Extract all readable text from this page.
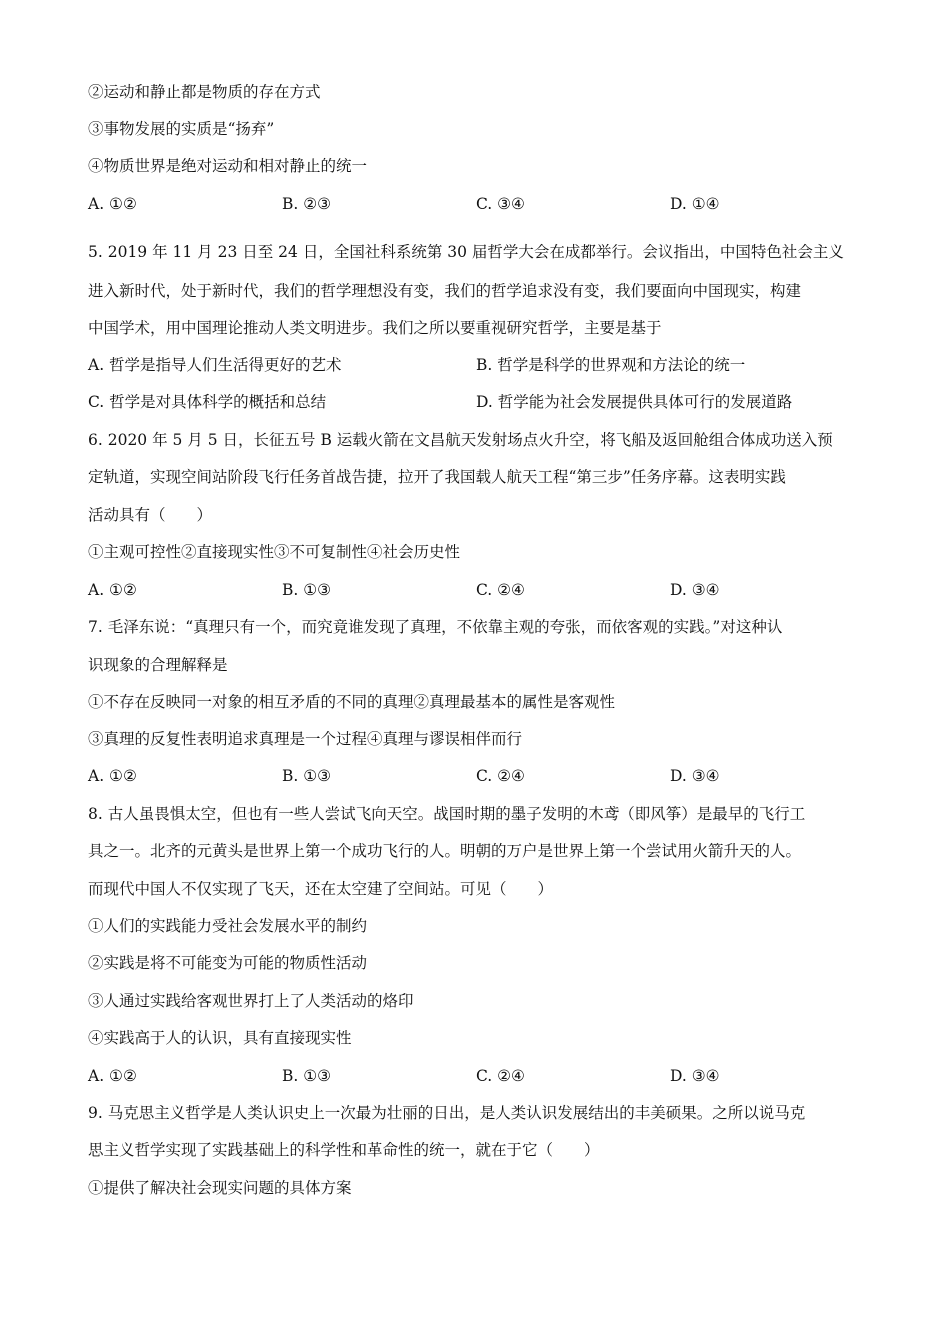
②运动和静止都是物质的存在方式
③事物发展的实质是“扬弃”
④物质世界是绝对运动和相对静止的统一
A. ①②	B. ②③	C. ③④	D. ①④
5. 2019 年 11 月 23 日至 24 日，全国社科系统第 30 届哲学大会在成都举行。会议指出，中国特色社会主义
进入新时代，处于新时代，我们的哲学理想没有变，我们的哲学追求没有变，我们要面向中国现实，构建
中国学术，用中国理论推动人类文明进步。我们之所以要重视研究哲学，主要是基于
A. 哲学是指导人们生活得更好的艺术	B. 哲学是科学的世界观和方法论的统一
C. 哲学是对具体科学的概括和总结	D. 哲学能为社会发展提供具体可行的发展道路
6. 2020 年 5 月 5 日，长征五号 B 运载火箭在文昌航天发射场点火升空，将飞船及返回舱组合体成功送入预
定轨道，实现空间站阶段飞行任务首战告捷，拉开了我国载人航天工程“第三步”任务序幕。这表明实践
活动具有（　　）
①主观可控性②直接现实性③不可复制性④社会历史性
A. ①②	B. ①③	C. ②④	D. ③④
7. 毛泽东说：“真理只有一个，而究竟谁发现了真理，不依靠主观的夸张，而依客观的实践。”对这种认
识现象的合理解释是
①不存在反映同一对象的相互矛盾的不同的真理②真理最基本的属性是客观性
③真理的反复性表明追求真理是一个过程④真理与谬误相伴而行
A. ①②	B. ①③	C. ②④	D. ③④
8. 古人虽畏惧太空，但也有一些人尝试飞向天空。战国时期的墨子发明的木鸢（即风筝）是最早的飞行工
具之一。北齐的元黄头是世界上第一个成功飞行的人。明朝的万户是世界上第一个尝试用火箭升天的人。
而现代中国人不仅实现了飞天，还在太空建了空间站。可见（　　）
①人们的实践能力受社会发展水平的制约
②实践是将不可能变为可能的物质性活动
③人通过实践给客观世界打上了人类活动的烙印
④实践高于人的认识，具有直接现实性
A. ①②	B. ①③	C. ②④	D. ③④
9. 马克思主义哲学是人类认识史上一次最为壮丽的日出，是人类认识发展结出的丰美硕果。之所以说马克
思主义哲学实现了实践基础上的科学性和革命性的统一，就在于它（　　）
①提供了解决社会现实问题的具体方案
